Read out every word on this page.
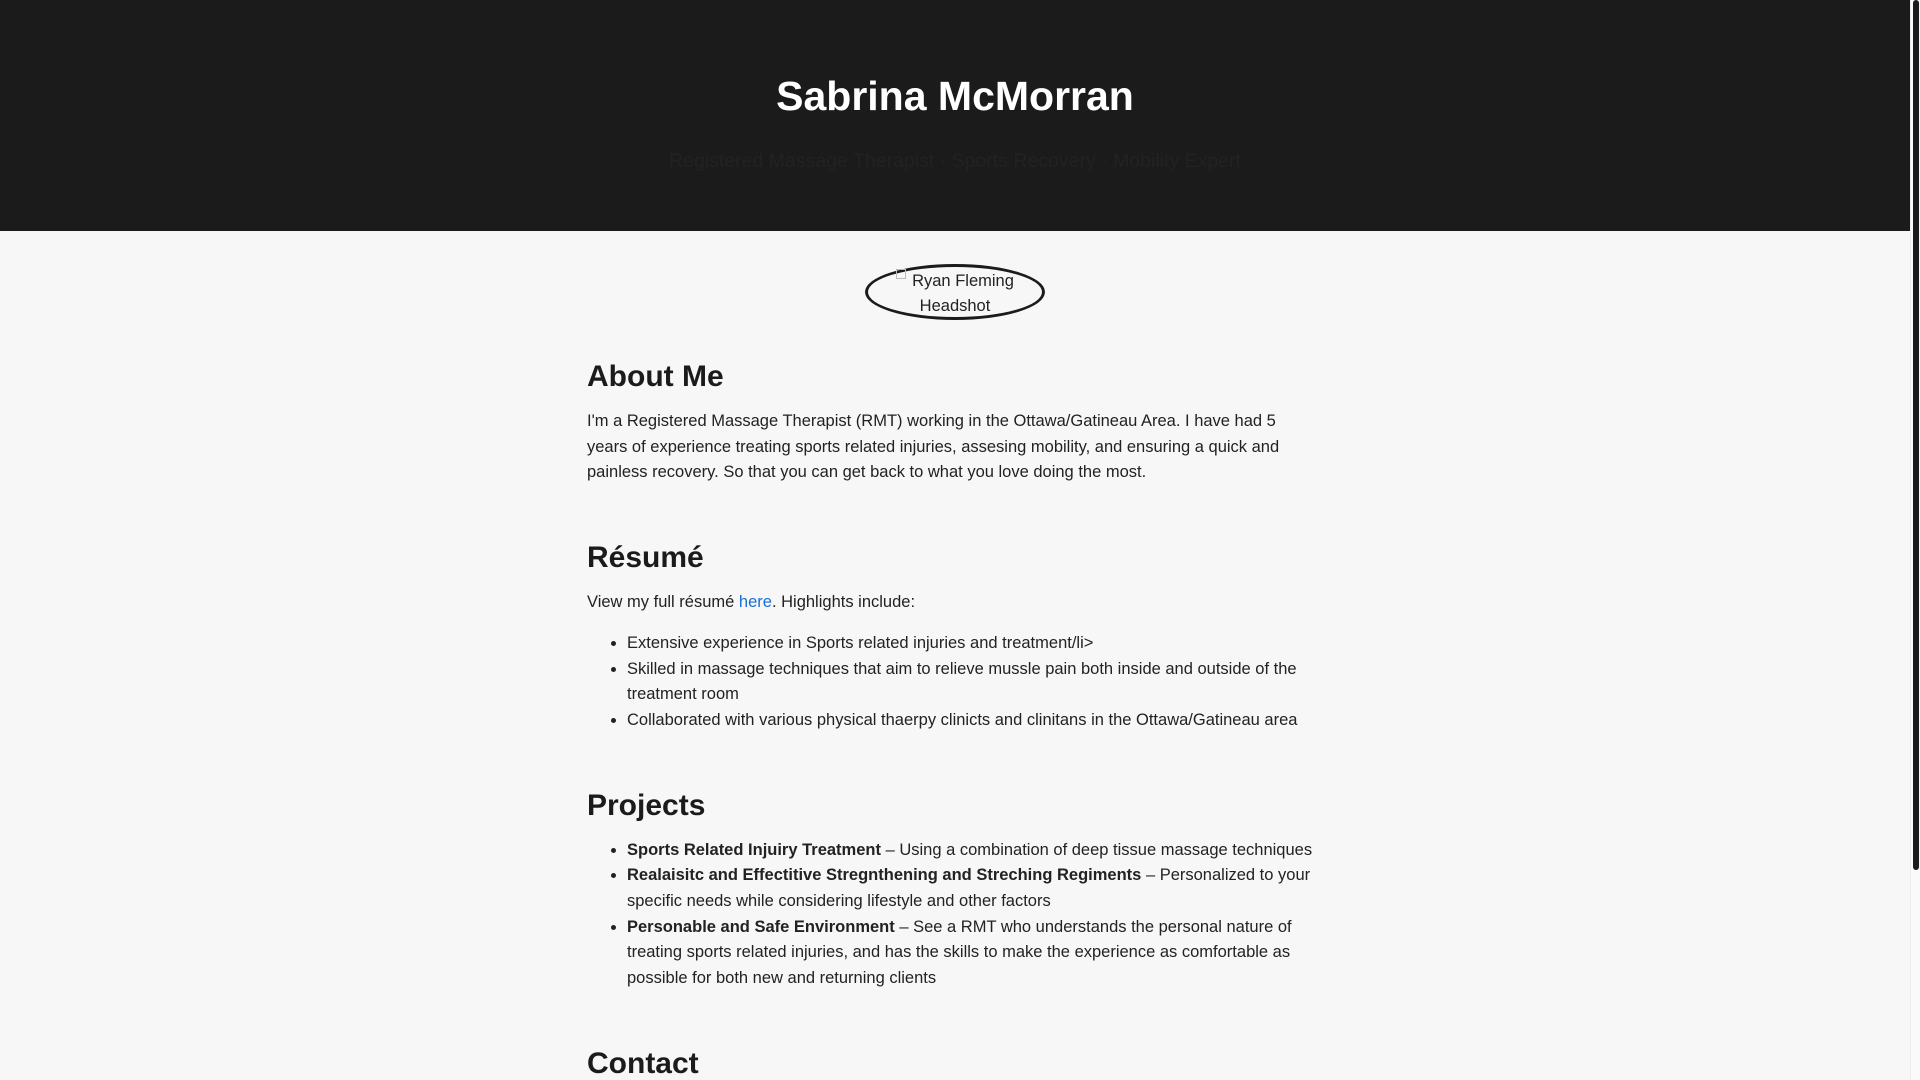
Sabrina McMorran

Registered Massage Therapist · Sports Recovery · Mobility Expert

Ryan Fleming
Headshot
About Me

I'm a Registered Massage Therapist (RMT) working in the Ottawa/Gatineau Area. I have had 5 years of experience treating sports related injuries, assesing mobility, and ensuring a quick and painless recovery. So that you can get back to what you love doing the most.

Résumé

View my full résumé here. Highlights include:

• Extensive experience in Sports related injuries and treatment/li>
• Skilled in massage techniques that aim to relieve mussle pain both inside and outside of the treatment room
• Collaborated with various physical thaerpy clinicts and clinitans in the Ottawa/Gatineau area
Projects
• Sports Related Injuiry Treatment – Using a combination of deep tissue massage techniques
• Realaisitc and Effectitive Stregnthening and Streching Regiments – Personalized to your specific needs while considering lifestyle and other factors
• Personable and Safe Environment – See a RMT who understands the personal nature of treating sports related injuries, and has the skills to make the experience as comfortable as possible for both new and returning clients
Contact
